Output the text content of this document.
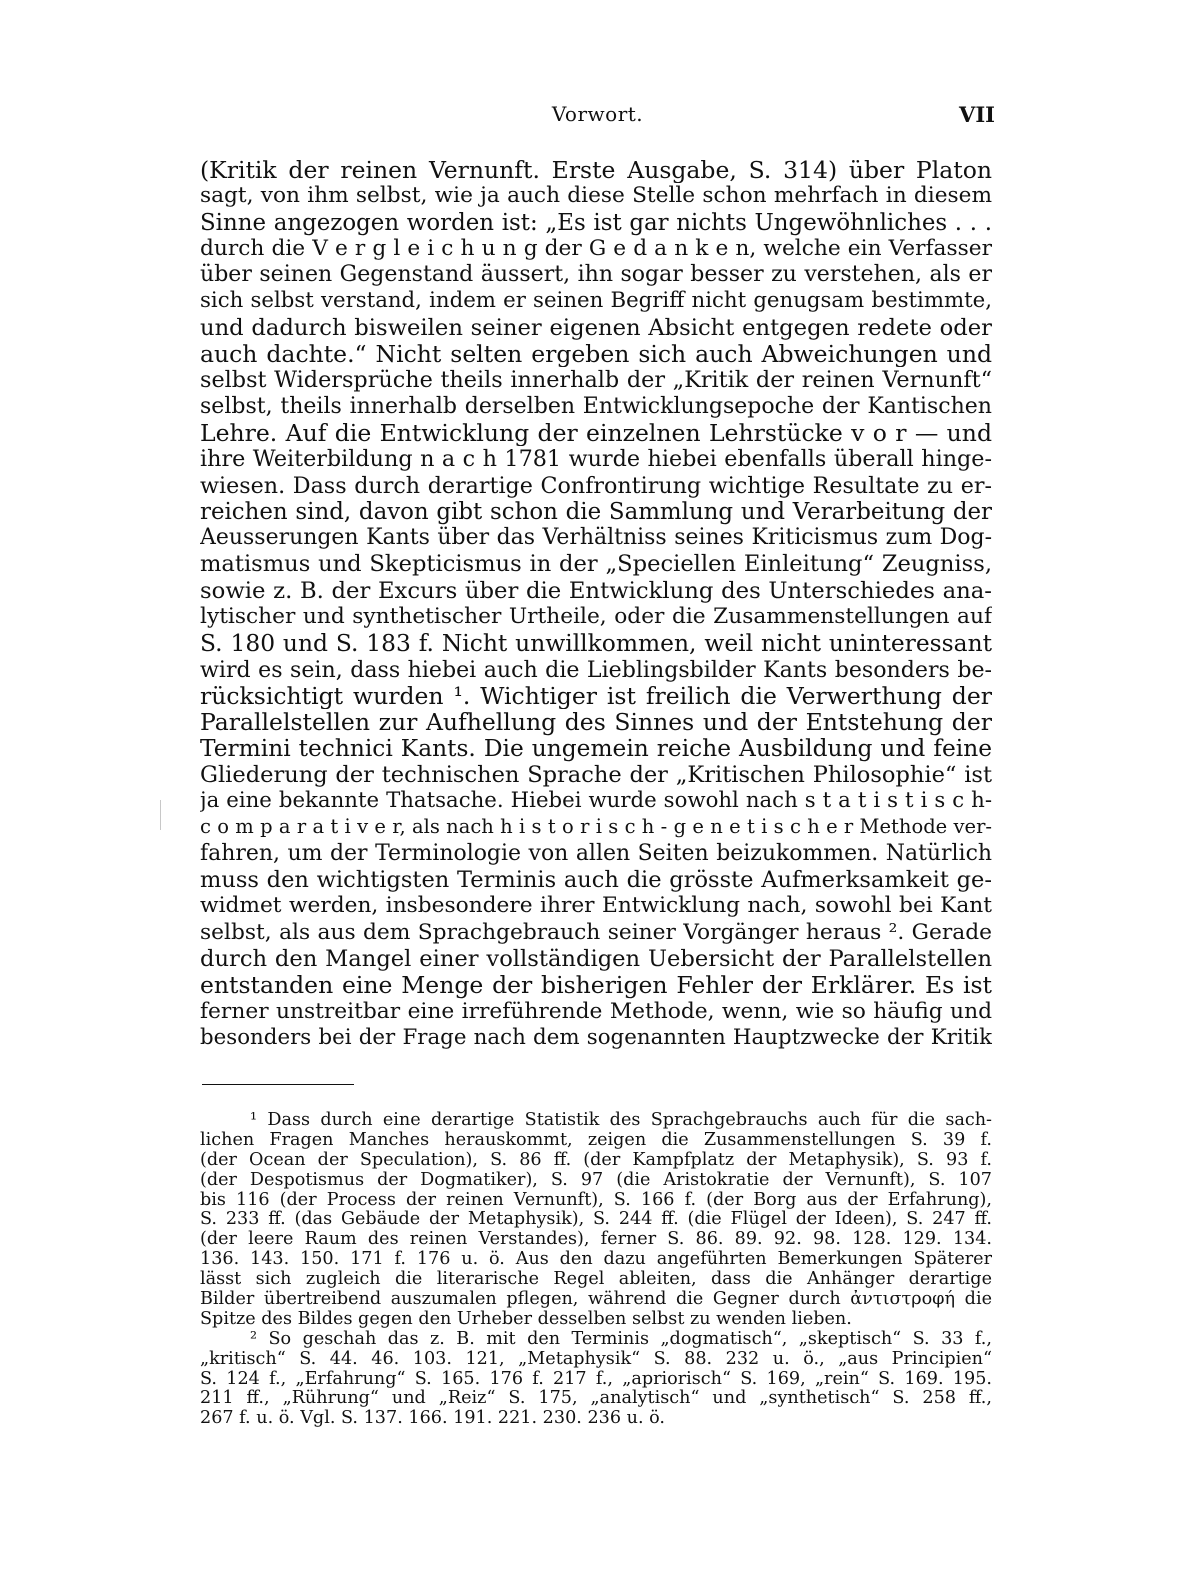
Vorwort.	VII
(Kritik der reinen Vernunft. Erste Ausgabe, S. 314) über Platon
sagt, von ihm selbst, wie ja auch diese Stelle schon mehrfach in diesem
Sinne angezogen worden ist: „Es ist gar nichts Ungewöhnliches . . .
durch die V e r g l e i c h u n g der G e d a n k e n, welche ein Verfasser
über seinen Gegenstand äussert, ihn sogar besser zu verstehen, als er
sich selbst verstand, indem er seinen Begriff nicht genugsam bestimmte,
und dadurch bisweilen seiner eigenen Absicht entgegen redete oder
auch dachte.“ Nicht selten ergeben sich auch Abweichungen und
selbst Widersprüche theils innerhalb der „Kritik der reinen Vernunft“
selbst, theils innerhalb derselben Entwicklungsepoche der Kantischen
Lehre. Auf die Entwicklung der einzelnen Lehrstücke v o r — und
ihre Weiterbildung n a c h 1781 wurde hiebei ebenfalls überall hinge-
wiesen. Dass durch derartige Confrontirung wichtige Resultate zu er-
reichen sind, davon gibt schon die Sammlung und Verarbeitung der
Aeusserungen Kants über das Verhältniss seines Kriticismus zum Dog-
matismus und Skepticismus in der „Speciellen Einleitung“ Zeugniss,
sowie z. B. der Excurs über die Entwicklung des Unterschiedes ana-
lytischer und synthetischer Urtheile, oder die Zusammenstellungen auf
S. 180 und S. 183 f. Nicht unwillkommen, weil nicht uninteressant
wird es sein, dass hiebei auch die Lieblingsbilder Kants besonders be-
rücksichtigt wurden ¹. Wichtiger ist freilich die Verwerthung der
Parallelstellen zur Aufhellung des Sinnes und der Entstehung der
Termini technici Kants. Die ungemein reiche Ausbildung und feine
Gliederung der technischen Sprache der „Kritischen Philosophie“ ist
ja eine bekannte Thatsache. Hiebei wurde sowohl nach s t a t i s t i s c h-
c o m p a r a t i v e r, als nach h i s t o r i s c h - g e n e t i s c h e r Methode ver-
fahren, um der Terminologie von allen Seiten beizukommen. Natürlich
muss den wichtigsten Terminis auch die grösste Aufmerksamkeit ge-
widmet werden, insbesondere ihrer Entwicklung nach, sowohl bei Kant
selbst, als aus dem Sprachgebrauch seiner Vorgänger heraus ². Gerade
durch den Mangel einer vollständigen Uebersicht der Parallelstellen
entstanden eine Menge der bisherigen Fehler der Erklärer. Es ist
ferner unstreitbar eine irreführende Methode, wenn, wie so häufig und
besonders bei der Frage nach dem sogenannten Hauptzwecke der Kritik
¹ Dass durch eine derartige Statistik des Sprachgebrauchs auch für die sach-
lichen Fragen Manches herauskommt, zeigen die Zusammenstellungen S. 39 f.
(der Ocean der Speculation), S. 86 ff. (der Kampfplatz der Metaphysik), S. 93 f.
(der Despotismus der Dogmatiker), S. 97 (die Aristokratie der Vernunft), S. 107
bis 116 (der Process der reinen Vernunft), S. 166 f. (der Borg aus der Erfahrung),
S. 233 ff. (das Gebäude der Metaphysik), S. 244 ff. (die Flügel der Ideen), S. 247 ff.
(der leere Raum des reinen Verstandes), ferner S. 86. 89. 92. 98. 128. 129. 134.
136. 143. 150. 171 f. 176 u. ö. Aus den dazu angeführten Bemerkungen Späterer
lässt sich zugleich die literarische Regel ableiten, dass die Anhänger derartige
Bilder übertreibend auszumalen pflegen, während die Gegner durch ἀντιστροφή die
Spitze des Bildes gegen den Urheber desselben selbst zu wenden lieben.
² So geschah das z. B. mit den Terminis „dogmatisch“, „skeptisch“ S. 33 f.,
„kritisch“ S. 44. 46. 103. 121, „Metaphysik“ S. 88. 232 u. ö., „aus Principien“
S. 124 f., „Erfahrung“ S. 165. 176 f. 217 f., „apriorisch“ S. 169, „rein“ S. 169. 195.
211 ff., „Rührung“ und „Reiz“ S. 175, „analytisch“ und „synthetisch“ S. 258 ff.,
267 f. u. ö. Vgl. S. 137. 166. 191. 221. 230. 236 u. ö.
